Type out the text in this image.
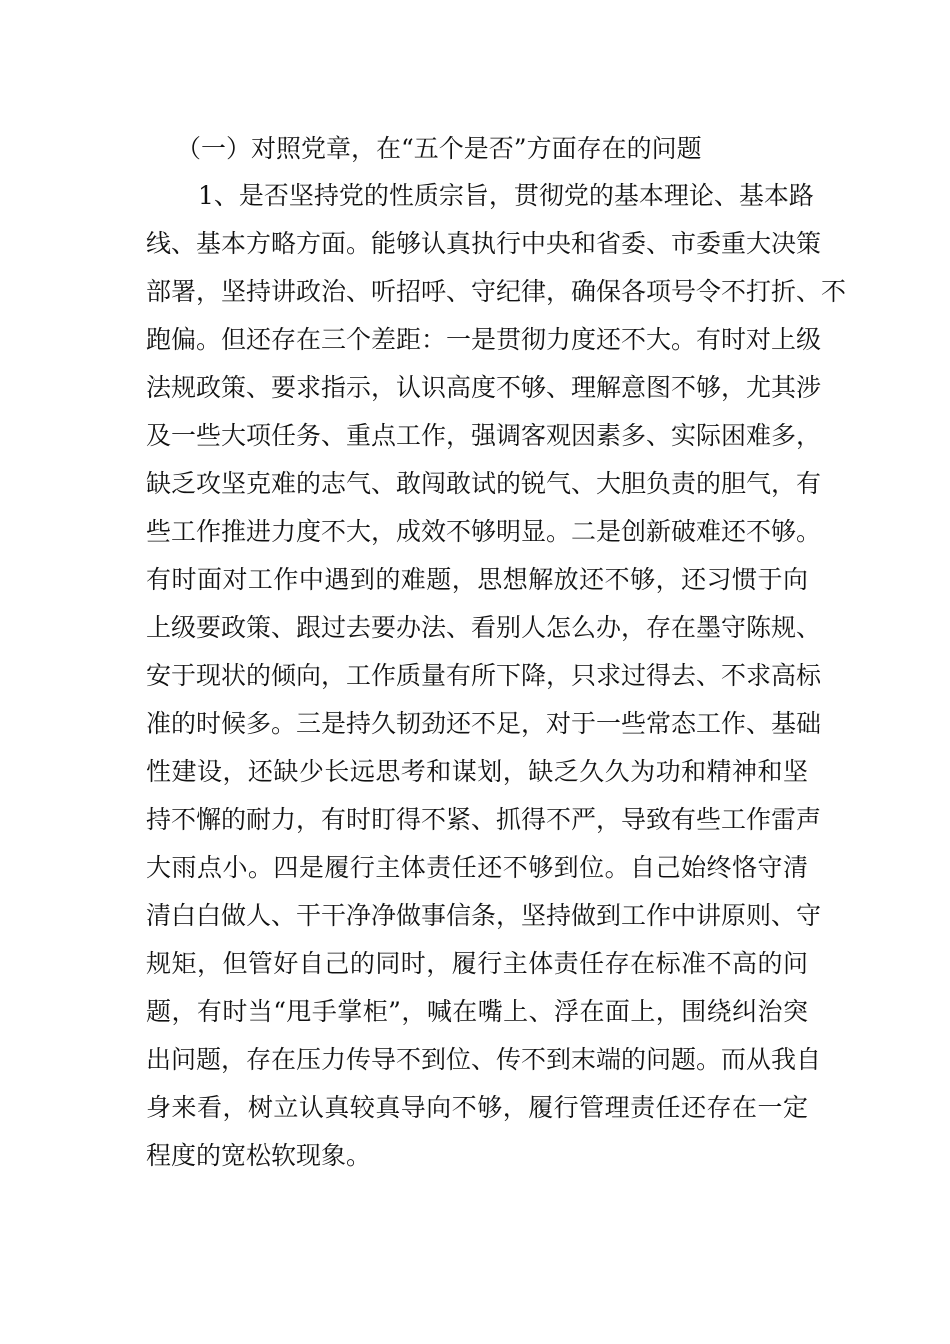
（一）对照党章，在“五个是否”方面存在的问题
1、是否坚持党的性质宗旨，贯彻党的基本理论、基本路
线、基本方略方面。能够认真执行中央和省委、市委重大决策
部署，坚持讲政治、听招呼、守纪律，确保各项号令不打折、不
跑偏。但还存在三个差距：一是贯彻力度还不大。有时对上级
法规政策、要求指示，认识高度不够、理解意图不够，尤其涉
及一些大项任务、重点工作，强调客观因素多、实际困难多，
缺乏攻坚克难的志气、敢闯敢试的锐气、大胆负责的胆气，有
些工作推进力度不大，成效不够明显。二是创新破难还不够。
有时面对工作中遇到的难题，思想解放还不够，还习惯于向
上级要政策、跟过去要办法、看别人怎么办，存在墨守陈规、
安于现状的倾向，工作质量有所下降，只求过得去、不求高标
准的时候多。三是持久韧劲还不足，对于一些常态工作、基础
性建设，还缺少长远思考和谋划，缺乏久久为功和精神和坚
持不懈的耐力，有时盯得不紧、抓得不严，导致有些工作雷声
大雨点小。四是履行主体责任还不够到位。自己始终恪守清
清白白做人、干干净净做事信条，坚持做到工作中讲原则、守
规矩，但管好自己的同时，履行主体责任存在标准不高的问
题，有时当“甩手掌柜”，喊在嘴上、浮在面上，围绕纠治突
出问题，存在压力传导不到位、传不到末端的问题。而从我自
身来看，树立认真较真导向不够，履行管理责任还存在一定
程度的宽松软现象。
